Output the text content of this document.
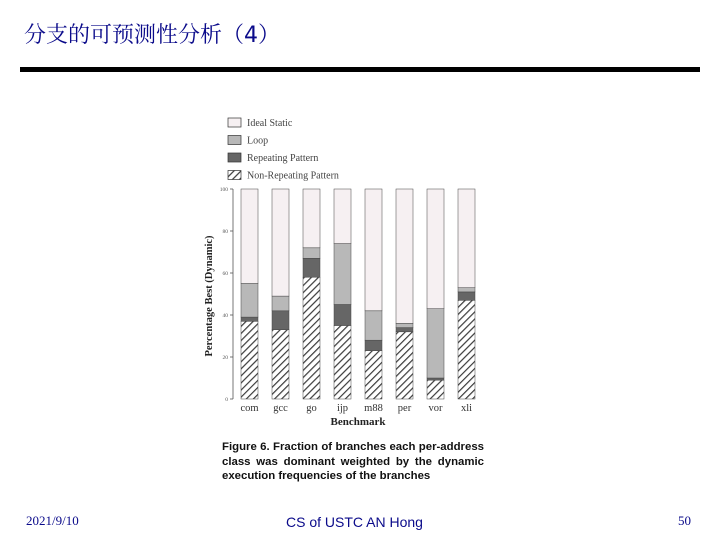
分支的可预测性分析（4）
Ideal Static
Loop
Repeating Pattern
Non-Repeating Pattern
0
20
40
60
80
100
com gcc go ijp m88 per vor xli
Percentage Best (Dynamic)
Benchmark
Figure 6. Fraction of branches each per-address class was dominant weighted by the dynamic execution frequencies of the branches
2021/9/10	CS of USTC AN Hong	50
